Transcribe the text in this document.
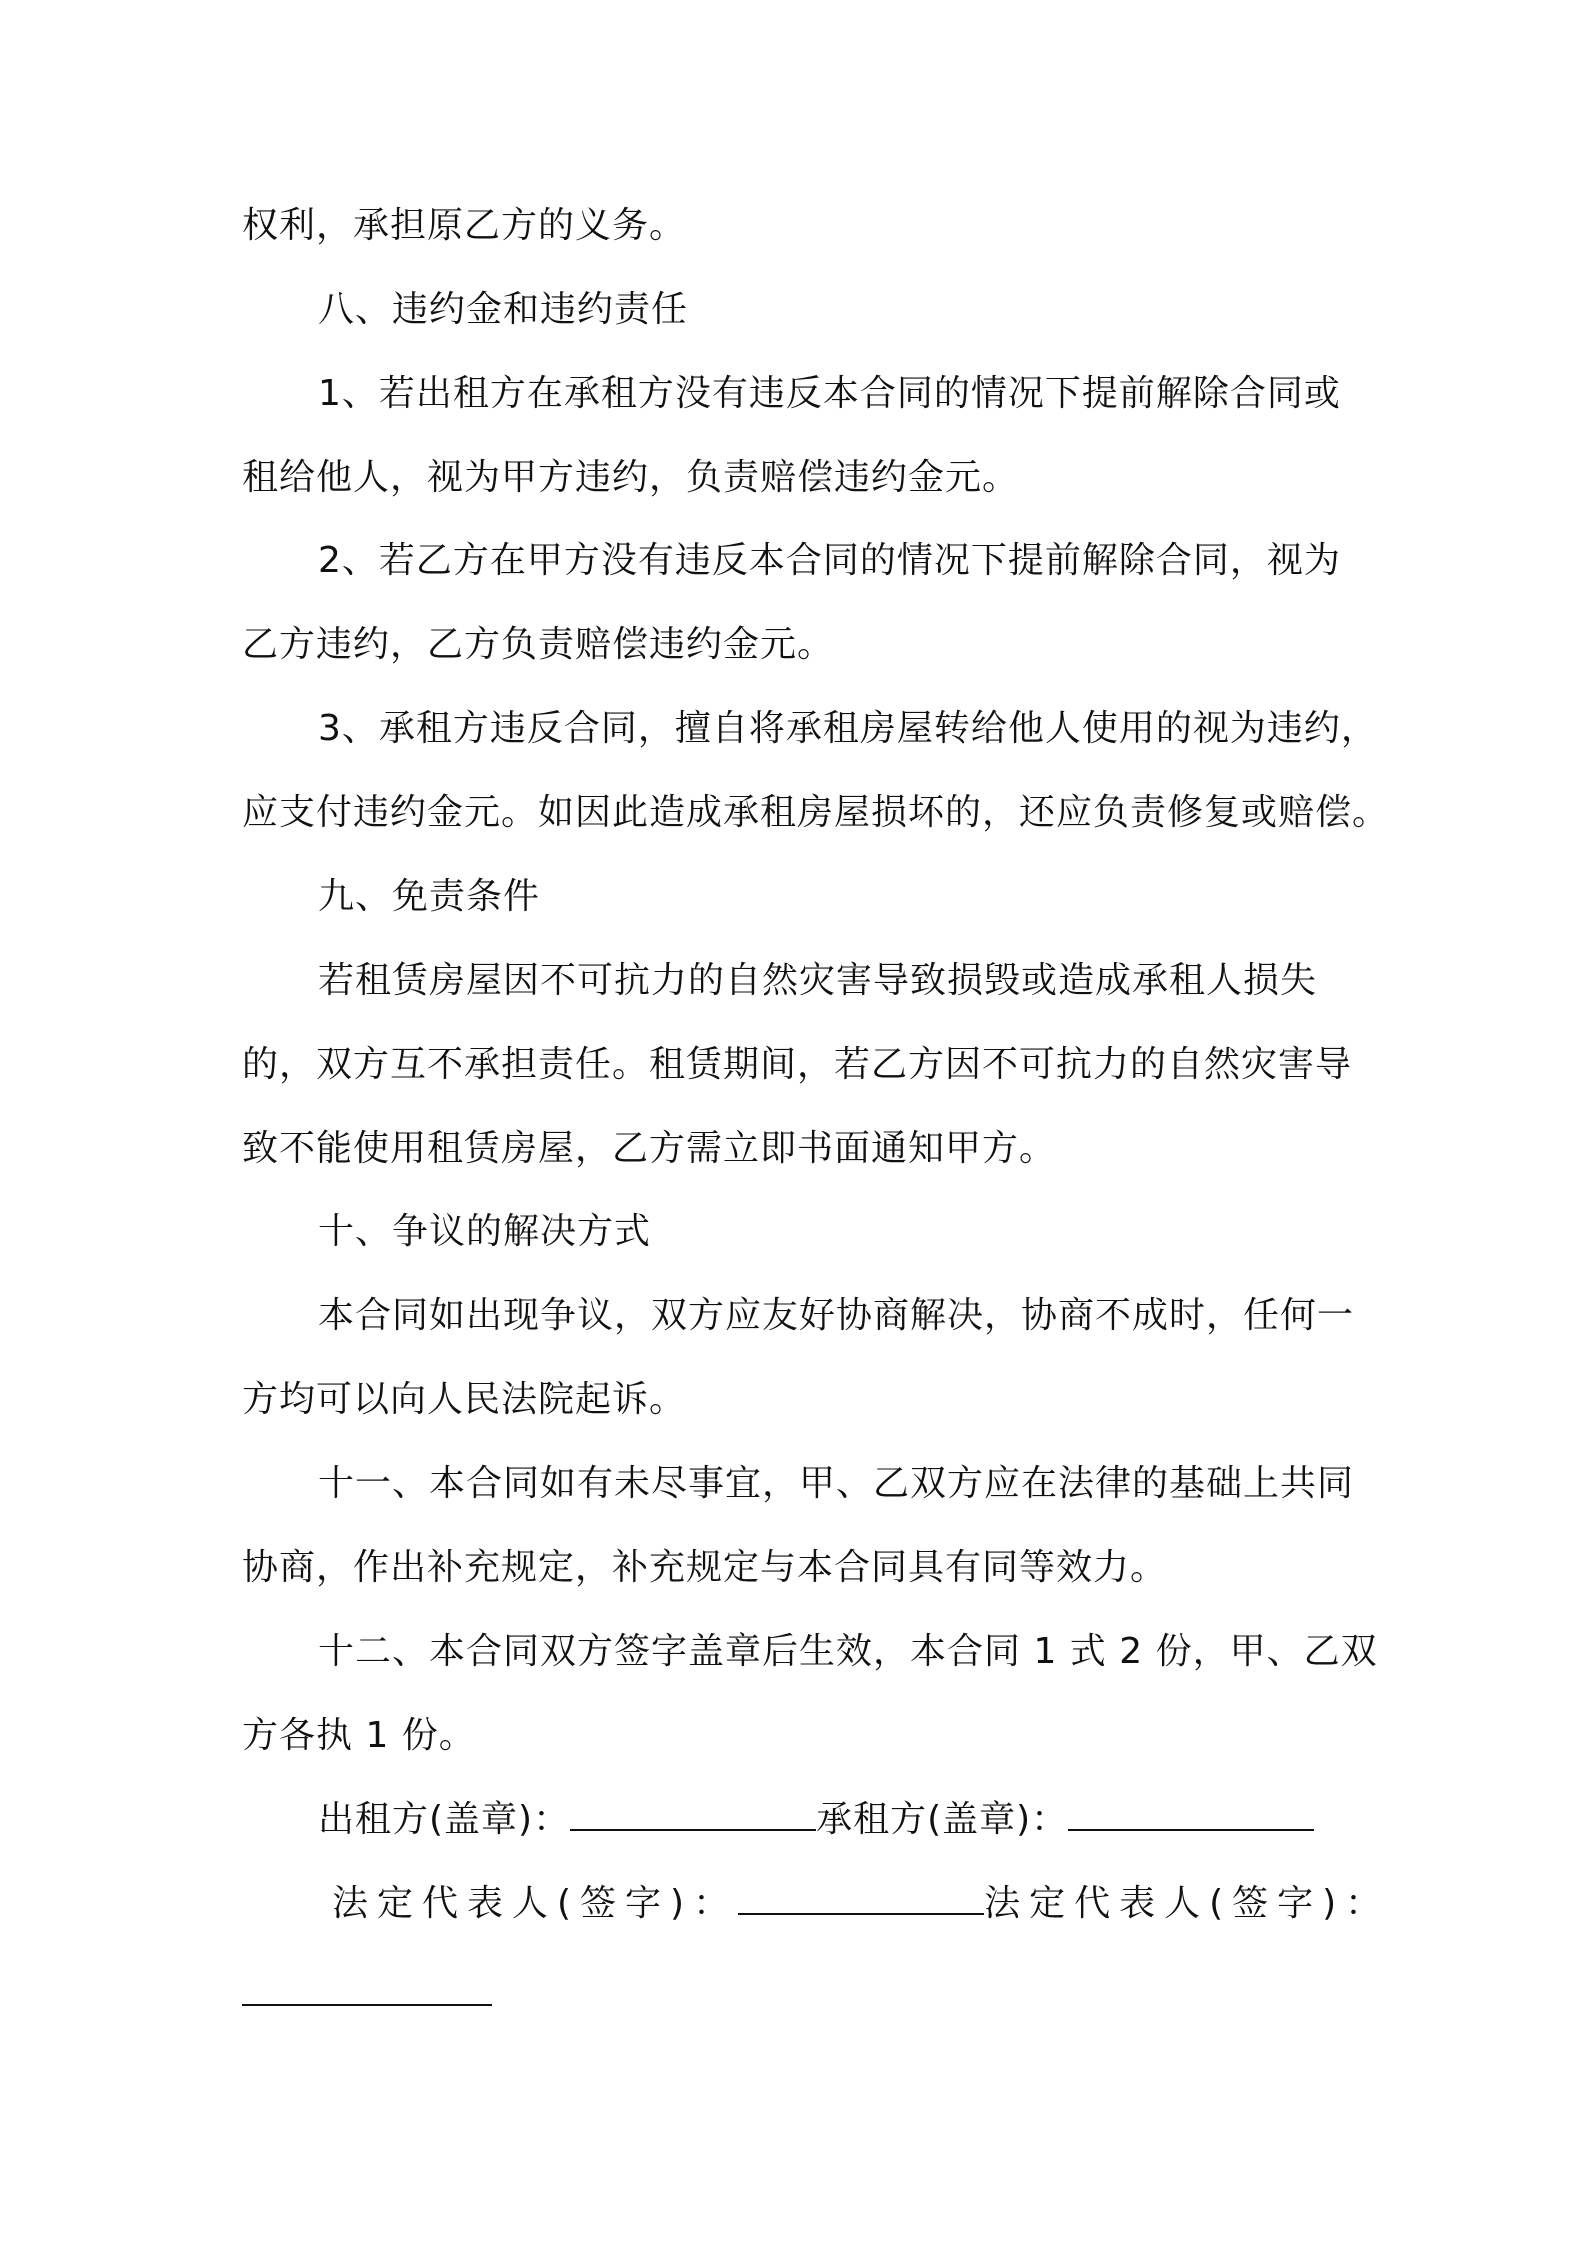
权利，承担原乙方的义务。
八、违约金和违约责任
1、若出租方在承租方没有违反本合同的情况下提前解除合同或
租给他人，视为甲方违约，负责赔偿违约金元。
2、若乙方在甲方没有违反本合同的情况下提前解除合同，视为
乙方违约，乙方负责赔偿违约金元。
3、承租方违反合同，擅自将承租房屋转给他人使用的视为违约，
应支付违约金元。如因此造成承租房屋损坏的，还应负责修复或赔偿。
九、免责条件
若租赁房屋因不可抗力的自然灾害导致损毁或造成承租人损失
的，双方互不承担责任。租赁期间，若乙方因不可抗力的自然灾害导
致不能使用租赁房屋，乙方需立即书面通知甲方。
十、争议的解决方式
本合同如出现争议，双方应友好协商解决，协商不成时，任何一
方均可以向人民法院起诉。
十一、本合同如有未尽事宜，甲、乙双方应在法律的基础上共同
协商，作出补充规定，补充规定与本合同具有同等效力。
十二、本合同双方签字盖章后生效，本合同 1 式 2 份，甲、乙双
方各执 1 份。
出租方(盖章)：	承租方(盖章)：
法定代表人(签字)：	法定代表人(签字)：
